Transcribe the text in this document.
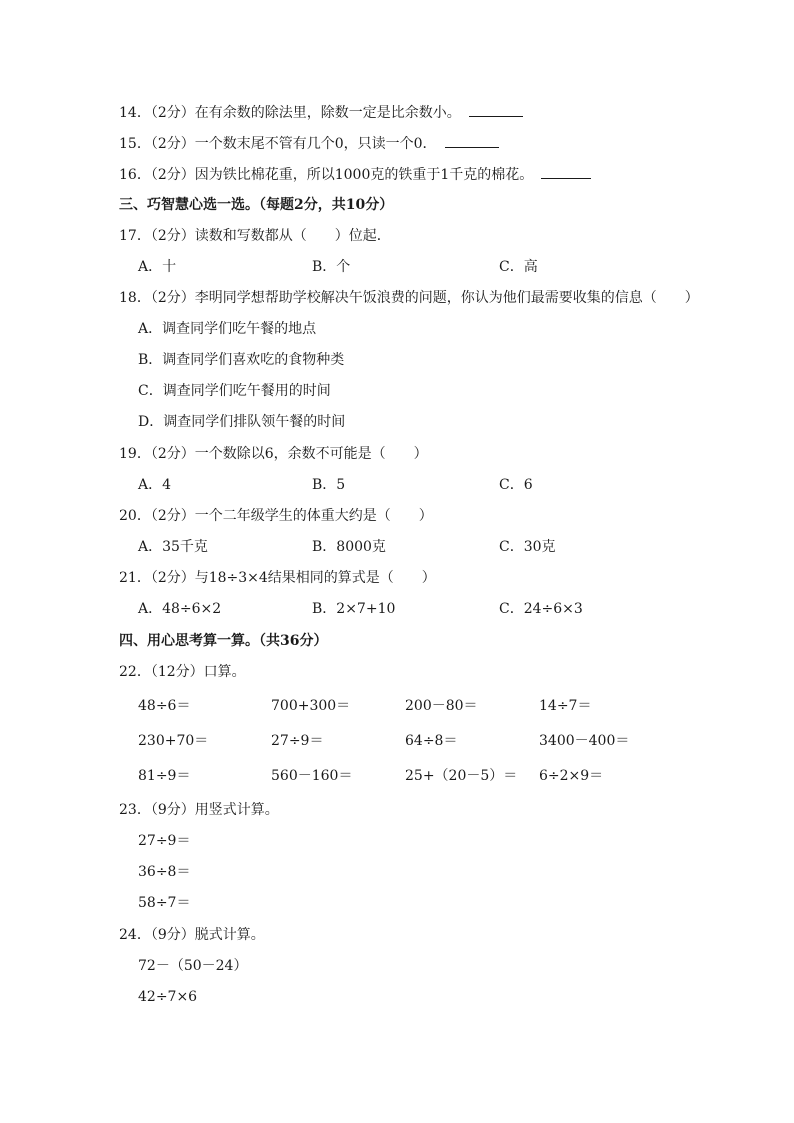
14．（2分）在有余数的除法里，除数一定是比余数小。
15．（2分）一个数末尾不管有几个0，只读一个0．
16．（2分）因为铁比棉花重，所以1000克的铁重于1千克的棉花。
三、巧智慧心选一选。（每题2分，共10分）
17．（2分）读数和写数都从（　　）位起．
A．十	B．个	C．高
18．（2分）李明同学想帮助学校解决午饭浪费的问题，你认为他们最需要收集的信息（　　）
A．调查同学们吃午餐的地点
B．调查同学们喜欢吃的食物种类
C．调查同学们吃午餐用的时间
D．调查同学们排队领午餐的时间
19．（2分）一个数除以6，余数不可能是（　　）
A．4	B．5	C．6
20．（2分）一个二年级学生的体重大约是（　　）
A．35千克	B．8000克	C．30克
21．（2分）与18÷3×4结果相同的算式是（　　）
A．48÷6×2	B．2×7+10	C．24÷6×3
四、用心思考算一算。（共36分）
22．（12分）口算。
48÷6＝	700+300＝	200－80＝	14÷7＝
230+70＝	27÷9＝	64÷8＝	3400－400＝
81÷9＝	560－160＝	25+（20－5）＝ 6÷2×9＝
23．（9分）用竖式计算。
27÷9＝
36÷8＝
58÷7＝
24．（9分）脱式计算。
72－（50－24）
42÷7×6
